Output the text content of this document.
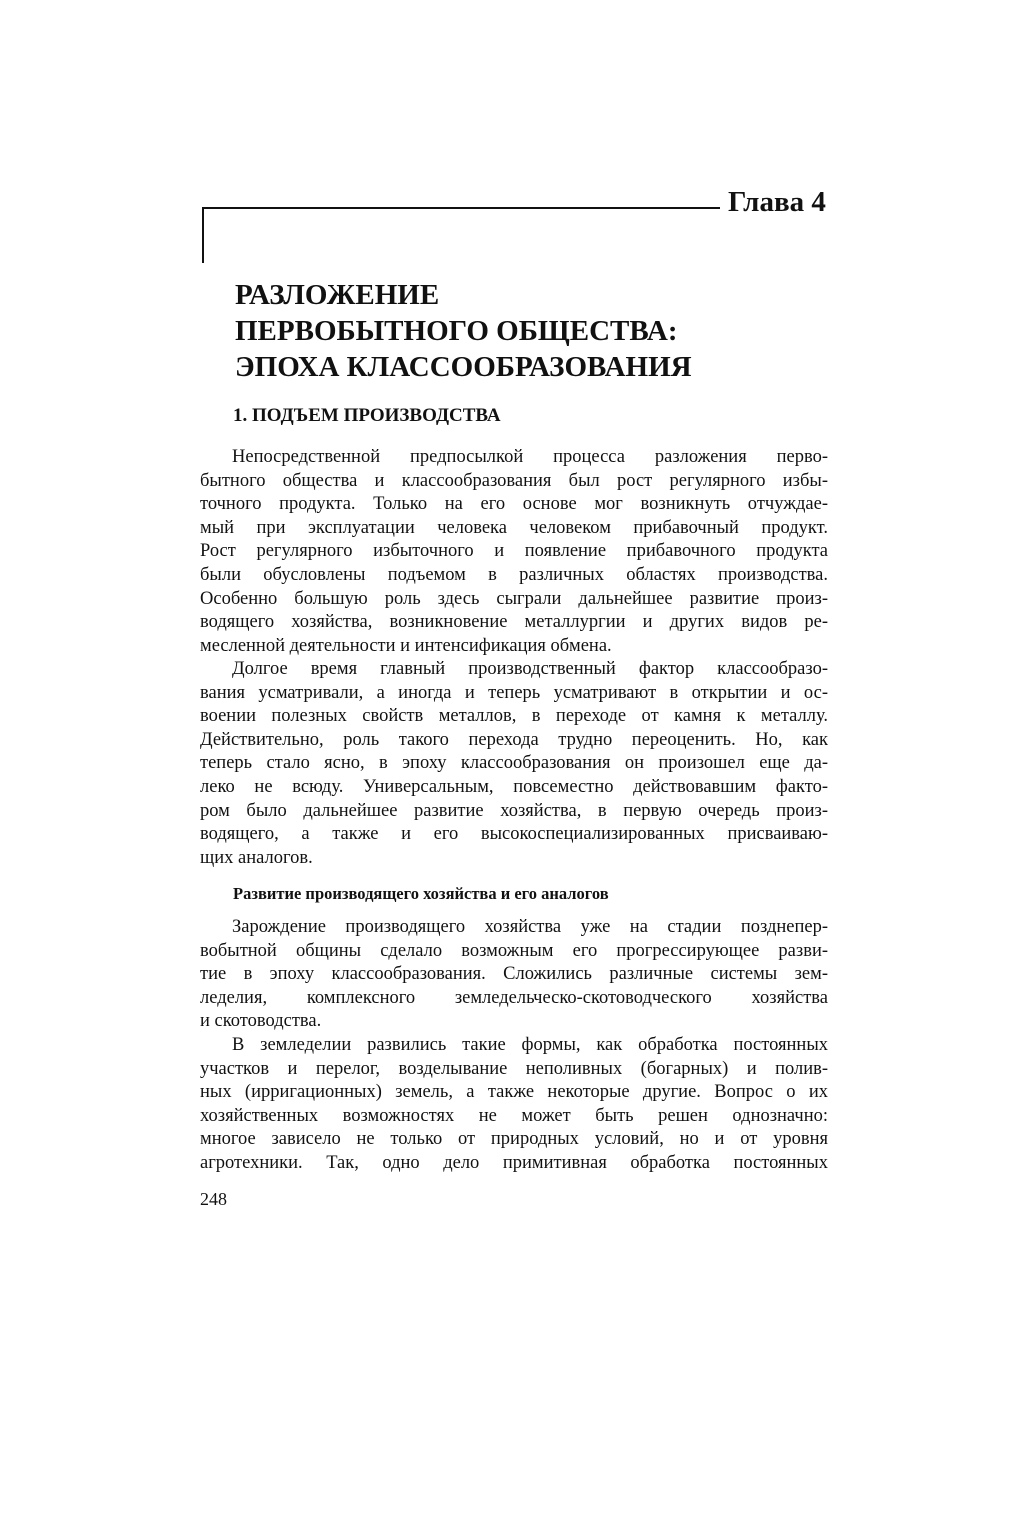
Глава 4
РАЗЛОЖЕНИЕ
ПЕРВОБЫТНОГО ОБЩЕСТВА:
ЭПОХА КЛАССООБРАЗОВАНИЯ
1. ПОДЪЕМ ПРОИЗВОДСТВА

Непосредственной предпосылкой процесса разложения перво-
бытного общества и классообразования был рост регулярного избы-
точного продукта. Только на его основе мог возникнуть отчуждае-
мый при эксплуатации человека человеком прибавочный продукт.
Рост регулярного избыточного и появление прибавочного продукта
были обусловлены подъемом в различных областях производства.
Особенно большую роль здесь сыграли дальнейшее развитие произ-
водящего хозяйства, возникновение металлургии и других видов ре-
месленной деятельности и интенсификация обмена.

Долгое время главный производственный фактор классообразо-
вания усматривали, а иногда и теперь усматривают в открытии и ос-
воении полезных свойств металлов, в переходе от камня к металлу.
Действительно, роль такого перехода трудно переоценить. Но, как
теперь стало ясно, в эпоху классообразования он произошел еще да-
леко не всюду. Универсальным, повсеместно действовавшим факто-
ром было дальнейшее развитие хозяйства, в первую очередь произ-
водящего, а также и его высокоспециализированных присваиваю-
щих аналогов.

Развитие производящего хозяйства и его аналогов

Зарождение производящего хозяйства уже на стадии позднепер-
вобытной общины сделало возможным его прогрессирующее разви-
тие в эпоху классообразования. Сложились различные системы зем-
леделия, комплексного земледельческо-скотоводческого хозяйства
и скотоводства.

В земледелии развились такие формы, как обработка постоянных
участков и перелог, возделывание неполивных (богарных) и полив-
ных (ирригационных) земель, а также некоторые другие. Вопрос о их
хозяйственных возможностях не может быть решен однозначно:
многое зависело не только от природных условий, но и от уровня
агротехники. Так, одно дело примитивная обработка постоянных

248
